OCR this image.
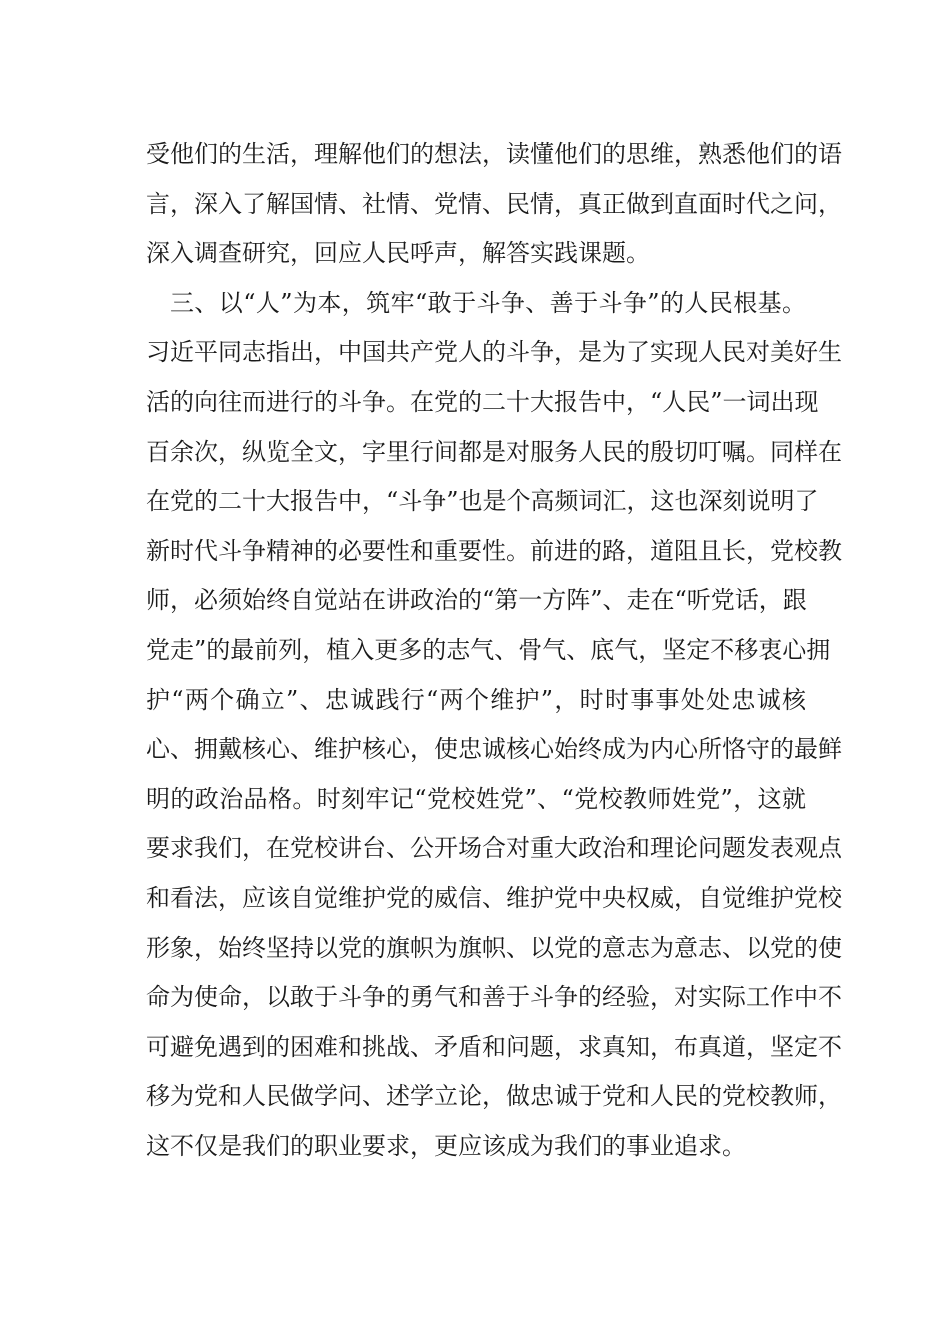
受他们的生活，理解他们的想法，读懂他们的思维，熟悉他们的语
言，深入了解国情、社情、党情、民情，真正做到直面时代之问，
深入调查研究，回应人民呼声，解答实践课题。
三、以“人”为本，筑牢“敢于斗争、善于斗争”的人民根基。
习近平同志指出，中国共产党人的斗争，是为了实现人民对美好生
活的向往而进行的斗争。在党的二十大报告中，“人民”一词出现
百余次，纵览全文，字里行间都是对服务人民的殷切叮嘱。同样在
在党的二十大报告中，“斗争”也是个高频词汇，这也深刻说明了
新时代斗争精神的必要性和重要性。前进的路，道阻且长，党校教
师，必须始终自觉站在讲政治的“第一方阵”、走在“听党话，跟
党走”的最前列，植入更多的志气、骨气、底气，坚定不移衷心拥
护“两个确立”、忠诚践行“两个维护”，时时事事处处忠诚核
心、拥戴核心、维护核心，使忠诚核心始终成为内心所恪守的最鲜
明的政治品格。时刻牢记“党校姓党”、“党校教师姓党”，这就
要求我们，在党校讲台、公开场合对重大政治和理论问题发表观点
和看法，应该自觉维护党的威信、维护党中央权威，自觉维护党校
形象，始终坚持以党的旗帜为旗帜、以党的意志为意志、以党的使
命为使命，以敢于斗争的勇气和善于斗争的经验，对实际工作中不
可避免遇到的困难和挑战、矛盾和问题，求真知，布真道，坚定不
移为党和人民做学问、述学立论，做忠诚于党和人民的党校教师，
这不仅是我们的职业要求，更应该成为我们的事业追求。
